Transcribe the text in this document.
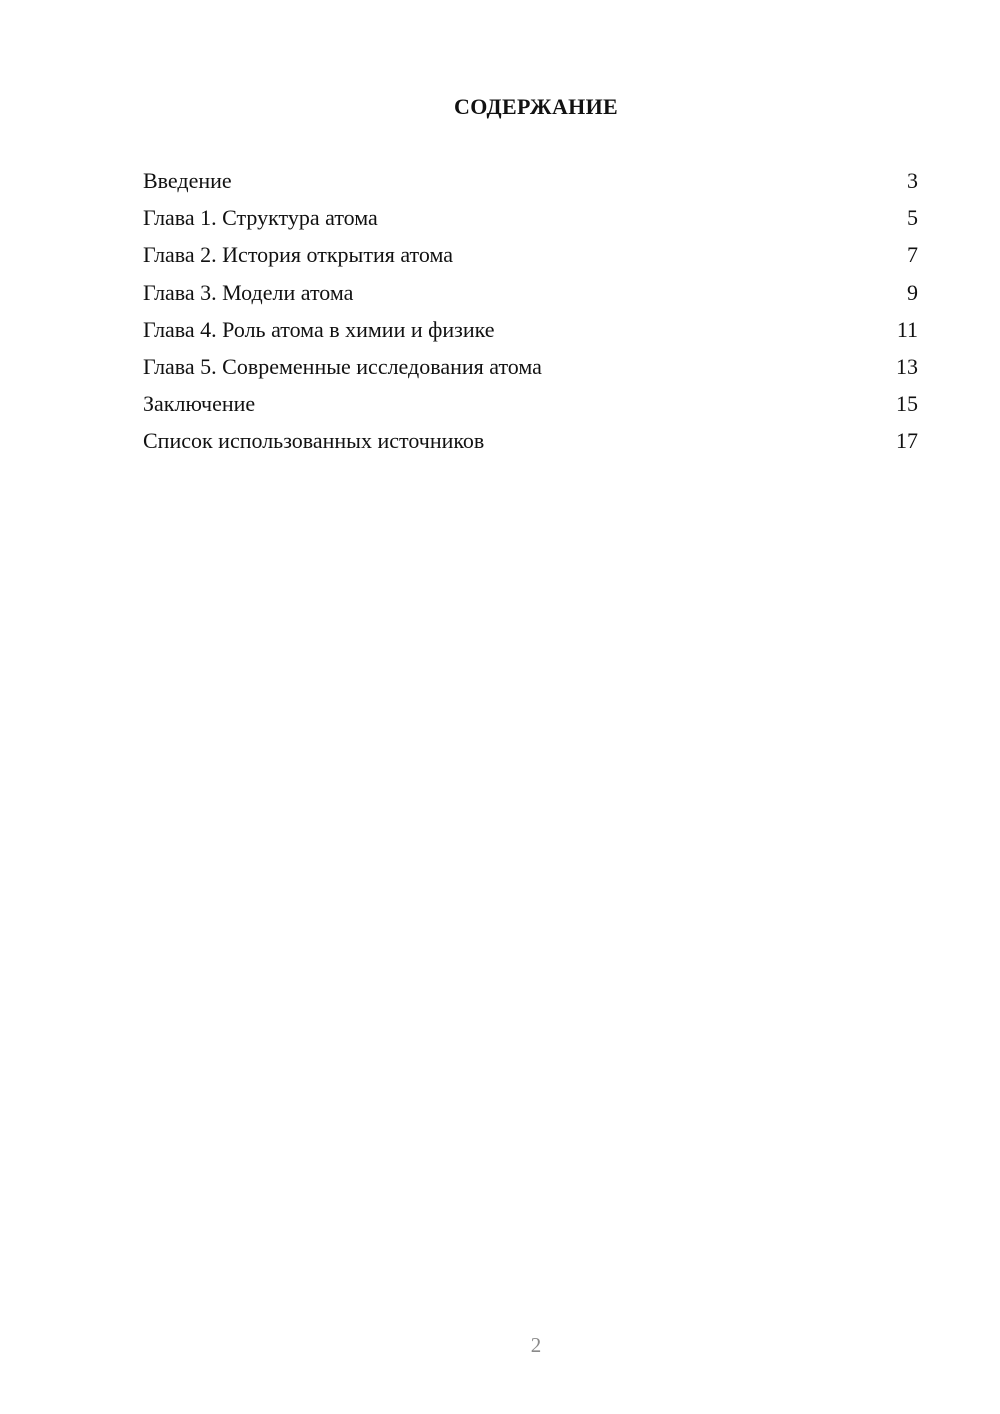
СОДЕРЖАНИЕ
Введение	3
Глава 1. Структура атома	5
Глава 2. История открытия атома	7
Глава 3. Модели атома	9
Глава 4. Роль атома в химии и физике	11
Глава 5. Современные исследования атома	13
Заключение	15
Список использованных источников	17
2
